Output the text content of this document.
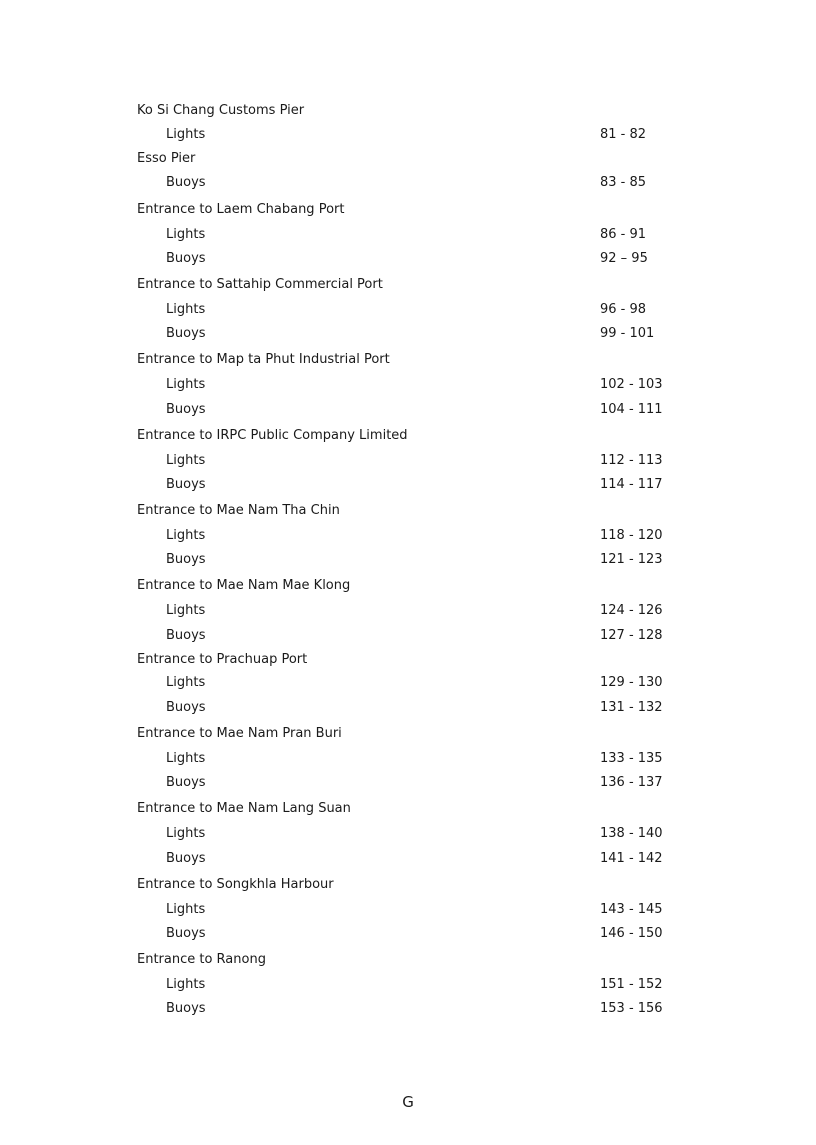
Ko Si Chang Customs Pier
Lights	81 - 82
Esso Pier
Buoys	83 - 85
Entrance to Laem Chabang Port
Lights	86 - 91
Buoys	92 – 95
Entrance to Sattahip Commercial Port
Lights	96 - 98
Buoys	99 - 101
Entrance to Map ta Phut Industrial Port
Lights	102 - 103
Buoys	104 - 111
Entrance to IRPC Public Company Limited
Lights	112 - 113
Buoys	114 - 117
Entrance to Mae Nam Tha Chin
Lights	118 - 120
Buoys	121 - 123
Entrance to Mae Nam Mae Klong
Lights	124 - 126
Buoys	127 - 128
Entrance to Prachuap Port
Lights	129 - 130
Buoys	131 - 132
Entrance to Mae Nam Pran Buri
Lights	133 - 135
Buoys	136 - 137
Entrance to Mae Nam Lang Suan
Lights	138 - 140
Buoys	141 - 142
Entrance to Songkhla Harbour
Lights	143 - 145
Buoys	146 - 150
Entrance to Ranong
Lights	151 - 152
Buoys	153 - 156
G
